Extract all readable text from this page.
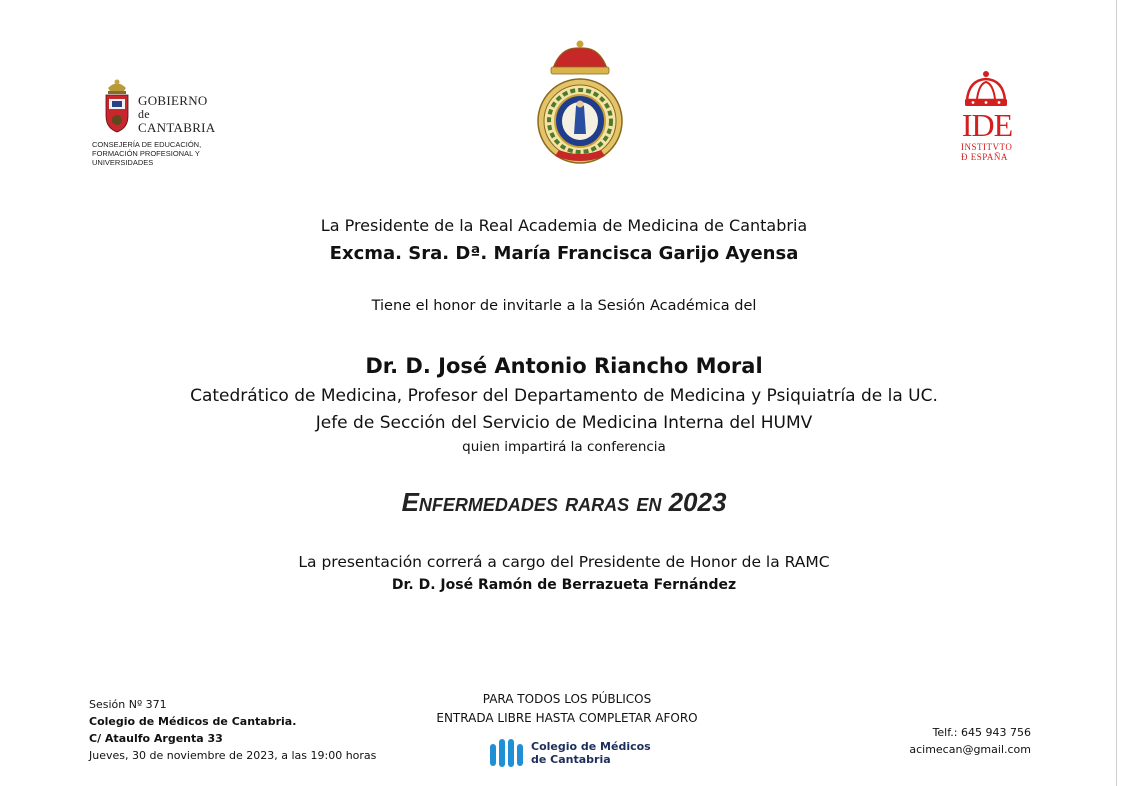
GOBIERNO
de
CANTABRIA
CONSEJERÍA DE EDUCACIÓN, FORMACIÓN PROFESIONAL Y UNIVERSIDADES
IDE
INSTITVTO
Ð ESPAÑA
La Presidente de la Real Academia de Medicina de Cantabria
Excma. Sra. Dª. María Francisca Garijo Ayensa
Tiene el honor de invitarle a la Sesión Académica del
Dr. D. José Antonio Riancho Moral
Catedrático de Medicina, Profesor del Departamento de Medicina y Psiquiatría de la UC.
Jefe de Sección del Servicio de Medicina Interna del HUMV
quien impartirá la conferencia
Enfermedades raras en 2023
La presentación correrá a cargo del Presidente de Honor de la RAMC
Dr. D. José Ramón de Berrazueta Fernández
Sesión Nº 371
Colegio de Médicos de Cantabria.
C/ Ataulfo Argenta 33
Jueves, 30 de noviembre de 2023, a las 19:00 horas
PARA TODOS LOS PÚBLICOS
ENTRADA LIBRE HASTA COMPLETAR AFORO
Colegio de Médicos
de Cantabria
Telf.: 645 943 756
acimecan@gmail.com
